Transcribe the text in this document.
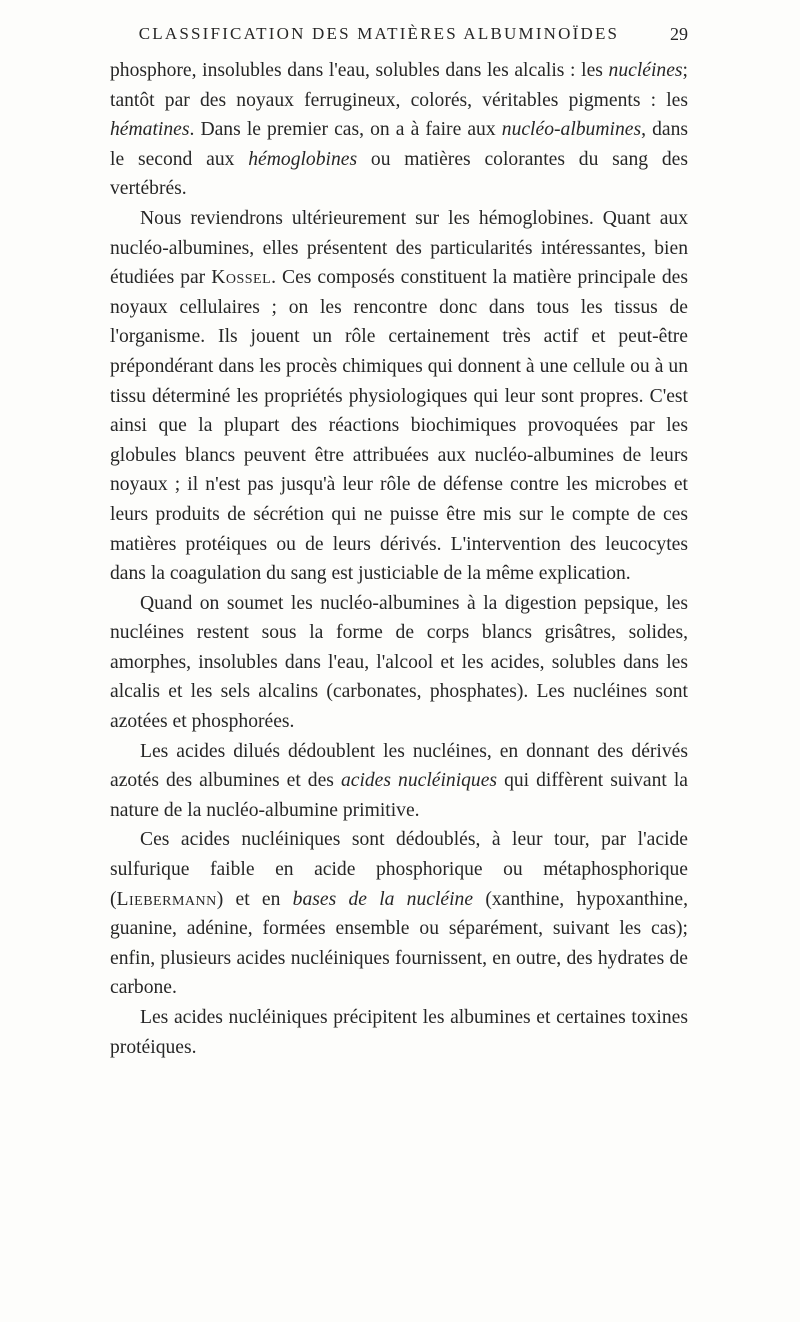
CLASSIFICATION DES MATIÈRES ALBUMINOÏDES	29

phosphore, insolubles dans l'eau, solubles dans les alcalis : les nucléines; tantôt par des noyaux ferrugineux, colorés, véritables pigments : les hématines. Dans le premier cas, on a à faire aux nucléo-albumines, dans le second aux hémoglobines ou matières colorantes du sang des vertébrés.

Nous reviendrons ultérieurement sur les hémoglobines. Quant aux nucléo-albumines, elles présentent des particularités intéressantes, bien étudiées par Kossel. Ces composés constituent la matière principale des noyaux cellulaires ; on les rencontre donc dans tous les tissus de l'organisme. Ils jouent un rôle certainement très actif et peut-être prépondérant dans les procès chimiques qui donnent à une cellule ou à un tissu déterminé les propriétés physiologiques qui leur sont propres. C'est ainsi que la plupart des réactions biochimiques provoquées par les globules blancs peuvent être attribuées aux nucléo-albumines de leurs noyaux ; il n'est pas jusqu'à leur rôle de défense contre les microbes et leurs produits de sécrétion qui ne puisse être mis sur le compte de ces matières protéiques ou de leurs dérivés. L'intervention des leucocytes dans la coagulation du sang est justiciable de la même explication.

Quand on soumet les nucléo-albumines à la digestion pepsique, les nucléines restent sous la forme de corps blancs grisâtres, solides, amorphes, insolubles dans l'eau, l'alcool et les acides, solubles dans les alcalis et les sels alcalins (carbonates, phosphates). Les nucléines sont azotées et phosphorées.

Les acides dilués dédoublent les nucléines, en donnant des dérivés azotés des albumines et des acides nucléiniques qui diffèrent suivant la nature de la nucléo-albumine primitive.

Ces acides nucléiniques sont dédoublés, à leur tour, par l'acide sulfurique faible en acide phosphorique ou métaphosphorique (Liebermann) et en bases de la nucléine (xanthine, hypoxanthine, guanine, adénine, formées ensemble ou séparément, suivant les cas); enfin, plusieurs acides nucléiniques fournissent, en outre, des hydrates de carbone.

Les acides nucléiniques précipitent les albumines et certaines toxines protéiques.
